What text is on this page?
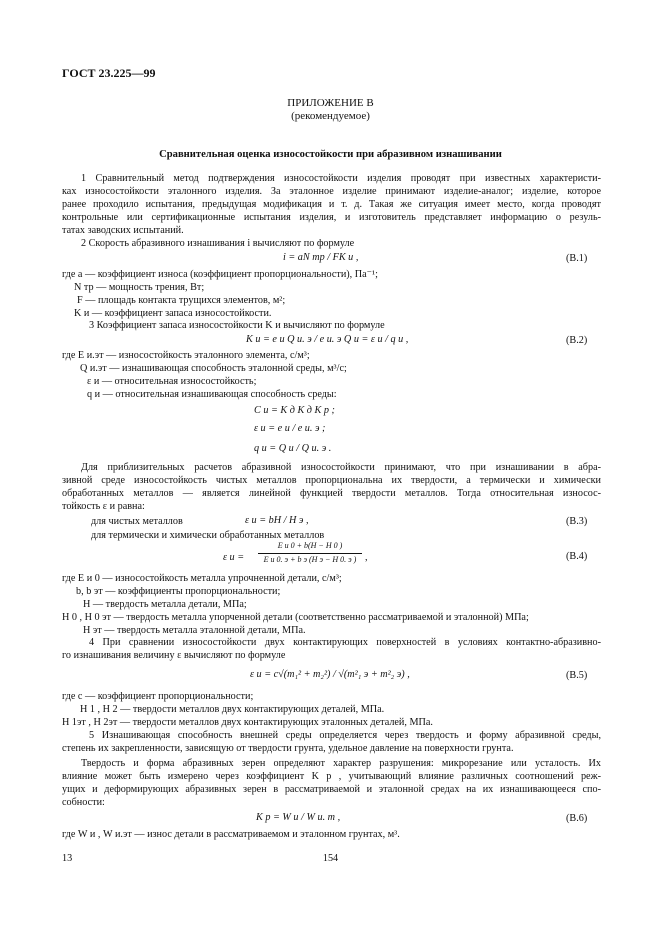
ГОСТ 23.225—99
ПРИЛОЖЕНИЕ В
(рекомендуемое)
Сравнительная оценка износостойкости при абразивном изнашивании
1 Сравнительный метод подтверждения износостойкости изделия проводят при известных характеристи-
ках износостойкости эталонного изделия. За эталонное изделие принимают изделие-аналог; изделие, которое
ранее проходило испытания, предыдущая модификация и т. д. Такая же ситуация имеет место, когда проводят
контрольные или сертификационные испытания изделия, и изготовитель представляет информацию о резуль-
татах заводских испытаний.
2 Скорость абразивного изнашивания i вычисляют по формуле
i = aN тр / FK и ,	(В.1)
где a — коэффициент износа (коэффициент пропорциональности), Па⁻¹;
N тр — мощность трения, Вт;
F — площадь контакта трущихся элементов, м²;
K и — коэффициент запаса износостойкости.
3 Коэффициент запаса износостойкости K и вычисляют по формуле
K и = e и Q и. э / e и. э Q и = ε и / q и ,	(В.2)
где E и.эт — износостойкость эталонного элемента, с/м³;
Q и.эт — изнашивающая способность эталонной среды, м³/с;
ε и — относительная износостойкость;
q и — относительная изнашивающая способность среды:
C и = K д K д K р ;
ε и = e и / e и. э ;
q и = Q и / Q и. э .
Для приблизительных расчетов абразивной износостойкости принимают, что при изнашивании в абра-
зивной среде износостойкость чистых металлов пропорциональна их твердости, а термически и химически
обработанных металлов — является линейной функцией твердости металлов. Тогда относительная износос-
тойкость ε и равна:
для чистых металлов	ε и = bH / H э ,	(В.3)
для термически и химически обработанных металлов
ε и =
E и 0 + b(H − H 0 )
E и 0. э + b э (H э − H 0. э ) ,	(В.4)
где E и 0 — износостойкость металла упрочненной детали, с/м³;
b, b эт — коэффициенты пропорциональности;
H — твердость металла детали, МПа;
H 0 , H 0 эт — твердость металла упорченной детали (соответственно рассматриваемой и эталонной) МПа;
H эт — твердость металла эталонной детали, МПа.
4 При сравнении износостойкости двух контактирующих поверхностей в условиях контактно-абразивно-
го изнашивания величину ε вычисляют по формуле
ε и = c√(m₁² + m₂²) / √(m²₁ э + m²₂ э) ,	(В.5)
где c — коэффициент пропорциональности;
H 1 , H 2 — твердости металлов двух контактирующих деталей, МПа.
H 1эт , H 2эт — твердости металлов двух контактирующих эталонных деталей, МПа.
5 Изнашивающая способность внешней среды определяется через твердость и форму абразивной среды,
степень их закрепленности, зависящую от твердости грунта, удельное давление на поверхности грунта.
Твердость и форма абразивных зерен определяют характер разрушения: микрорезание или усталость. Их
влияние может быть измерено через коэффициент K р , учитывающий влияние различных соотношений реж-
ущих и деформирующих абразивных зерен в рассматриваемой и эталонной средах на их изнашивающееся спо-
собности:
K р = W и / W и. т ,	(В.6)
где W и , W и.эт — износ детали в рассматриваемом и эталонном грунтах, м³.
13	154
